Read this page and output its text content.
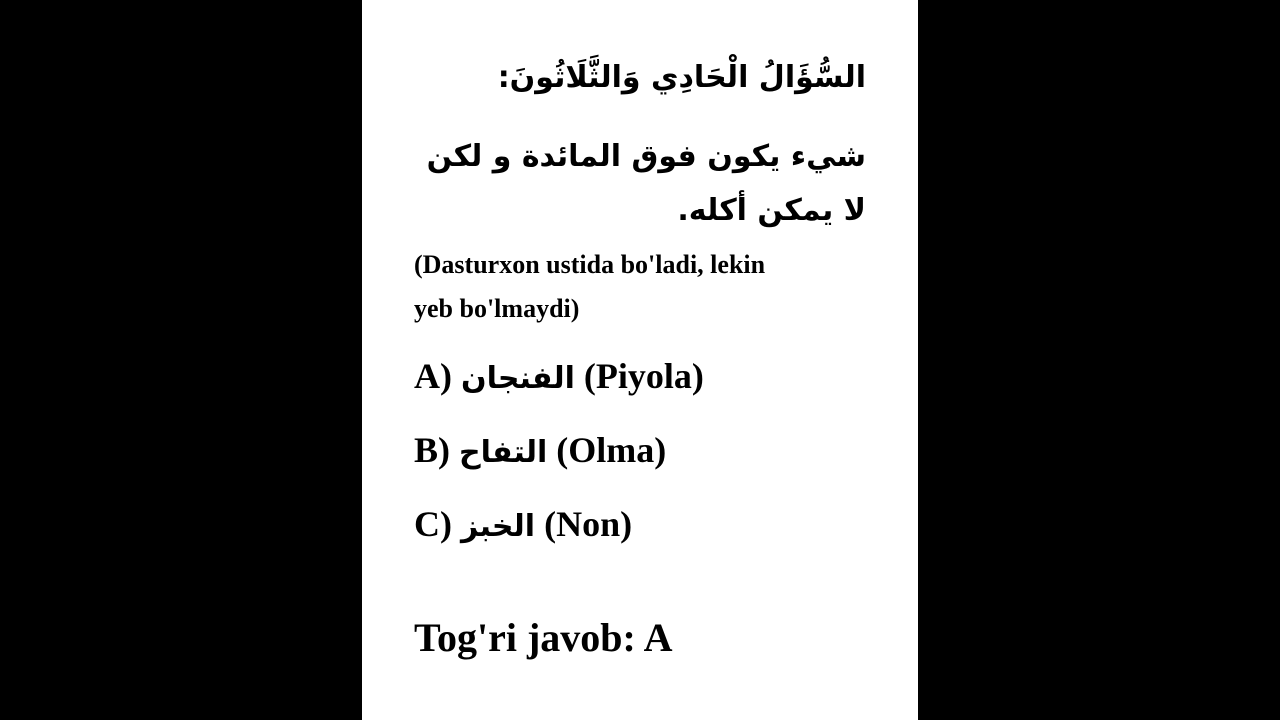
السُّؤَالُ الْحَادِي وَالثَّلَاثُونَ:
شيء يكون فوق المائدة و لكن
لا يمكن أكله.
(Dasturxon ustida bo'ladi, lekin
yeb bo'lmaydi)
A) الفنجان (Piyola)
B) التفاح (Olma)
C) الخبز (Non)
Tog'ri javob: A
